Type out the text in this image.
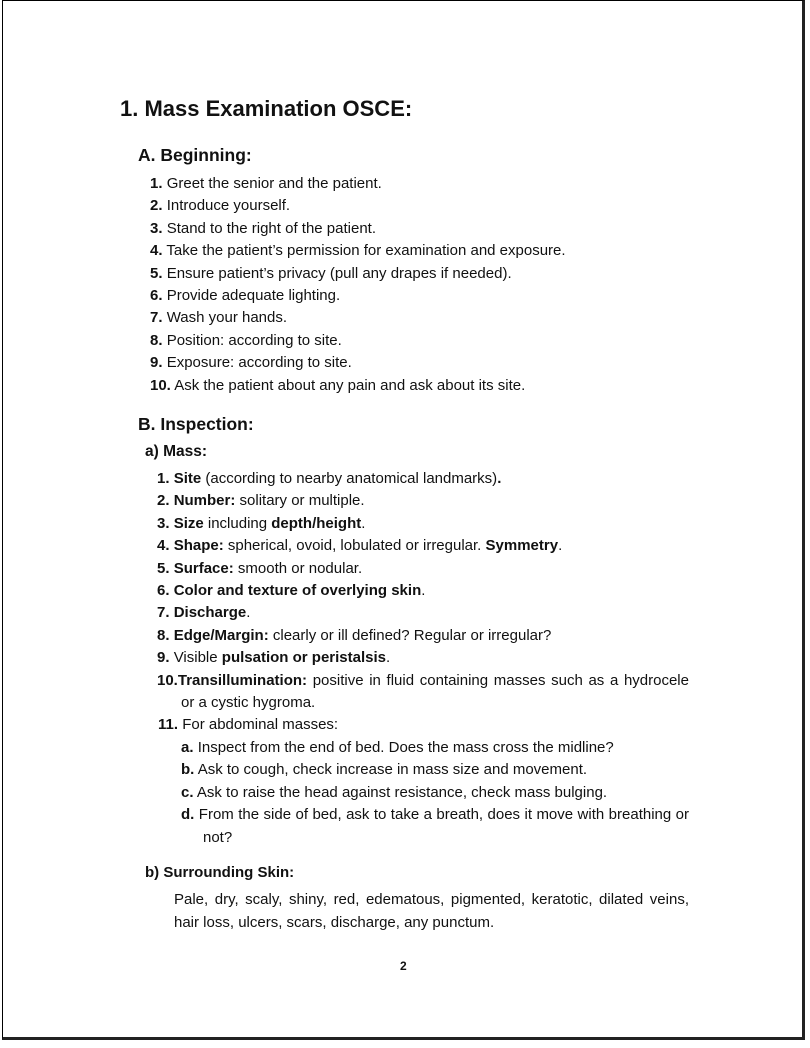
1. Mass Examination OSCE:
A. Beginning:
1. Greet the senior and the patient.
2. Introduce yourself.
3. Stand to the right of the patient.
4. Take the patient’s permission for examination and exposure.
5. Ensure patient’s privacy (pull any drapes if needed).
6. Provide adequate lighting.
7. Wash your hands.
8. Position: according to site.
9. Exposure: according to site.
10. Ask the patient about any pain and ask about its site.
B. Inspection:
a) Mass:
1. Site (according to nearby anatomical landmarks).
2. Number: solitary or multiple.
3. Size including depth/height.
4. Shape: spherical, ovoid, lobulated or irregular. Symmetry.
5. Surface: smooth or nodular.
6. Color and texture of overlying skin.
7. Discharge.
8. Edge/Margin: clearly or ill defined? Regular or irregular?
9. Visible pulsation or peristalsis.
10.Transillumination: positive in fluid containing masses such as a hydrocele or a cystic hygroma.
11. For abdominal masses:
a. Inspect from the end of bed. Does the mass cross the midline?
b. Ask to cough, check increase in mass size and movement.
c. Ask to raise the head against resistance, check mass bulging.
d. From the side of bed, ask to take a breath, does it move with breathing or not?
b) Surrounding Skin:
Pale, dry, scaly, shiny, red, edematous, pigmented, keratotic, dilated veins, hair loss, ulcers, scars, discharge, any punctum.
2
